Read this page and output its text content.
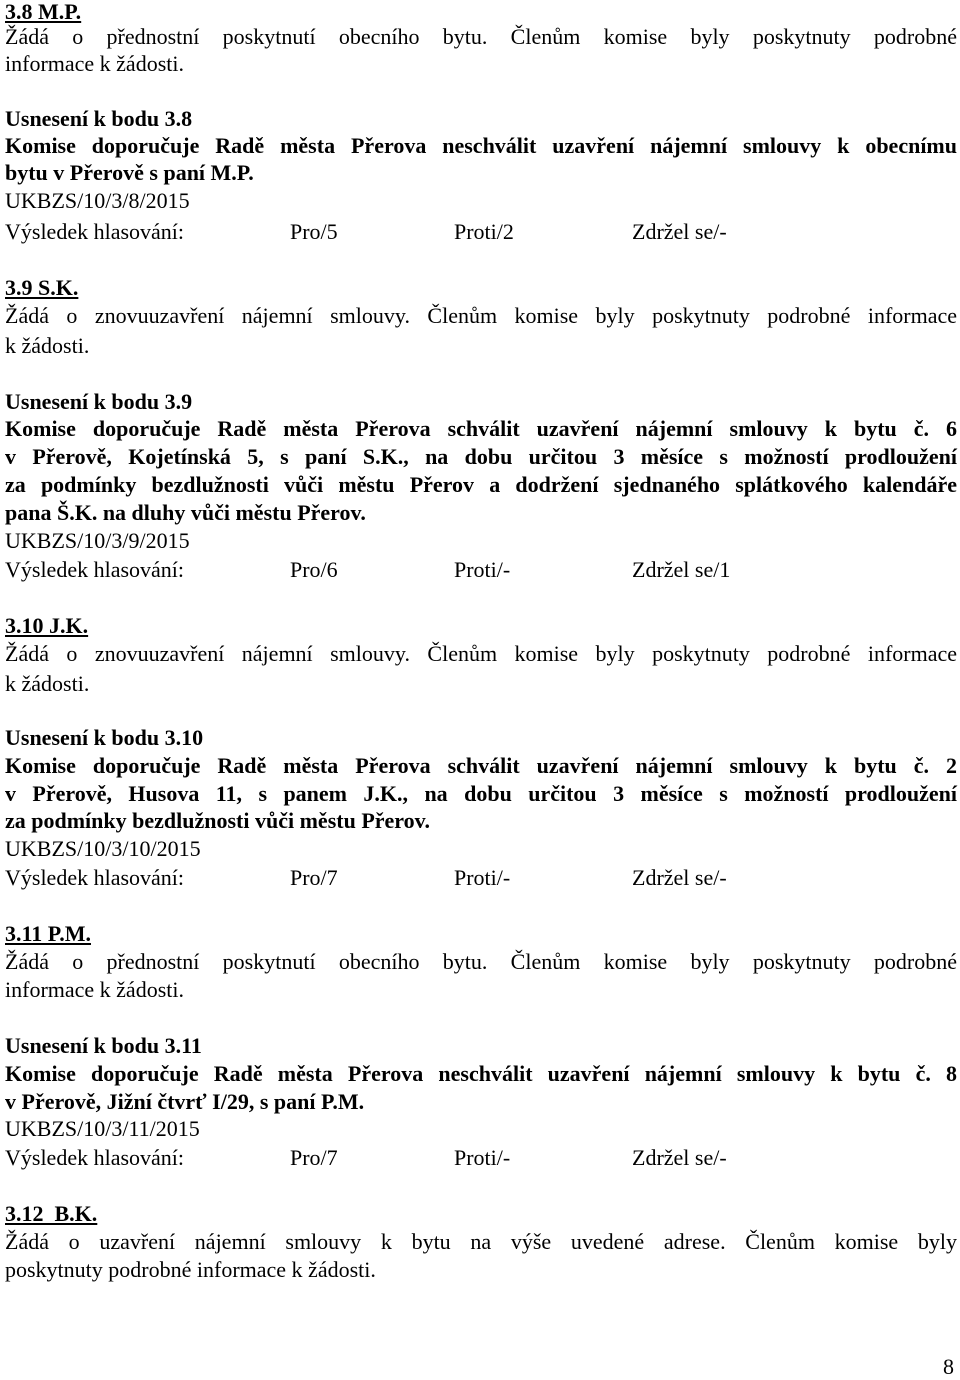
3.8 M.P.
Žádá o přednostní poskytnutí obecního bytu. Členům komise byly poskytnuty podrobné
informace k žádosti.
Usnesení k bodu 3.8
Komise doporučuje Radě města Přerova neschválit uzavření nájemní smlouvy k obecnímu
bytu v Přerově s paní M.P.
UKBZS/10/3/8/2015
Výsledek hlasování:	Pro/5	Proti/2	Zdržel se/-
3.9 S.K.
Žádá o znovuuzavření nájemní smlouvy. Členům komise byly poskytnuty podrobné informace
k žádosti.
Usnesení k bodu 3.9
Komise doporučuje Radě města Přerova schválit uzavření nájemní smlouvy k bytu č. 6
v Přerově, Kojetínská 5, s paní S.K., na dobu určitou 3 měsíce s možností prodloužení
za podmínky bezdlužnosti vůči městu Přerov a dodržení sjednaného splátkového kalendáře
pana Š.K. na dluhy vůči městu Přerov.
UKBZS/10/3/9/2015
Výsledek hlasování:	Pro/6	Proti/-	Zdržel se/1
3.10 J.K.
Žádá o znovuuzavření nájemní smlouvy. Členům komise byly poskytnuty podrobné informace
k žádosti.
Usnesení k bodu 3.10
Komise doporučuje Radě města Přerova schválit uzavření nájemní smlouvy k bytu č. 2
v Přerově, Husova 11, s panem J.K., na dobu určitou 3 měsíce s možností prodloužení
za podmínky bezdlužnosti vůči městu Přerov.
UKBZS/10/3/10/2015
Výsledek hlasování:	Pro/7	Proti/-	Zdržel se/-
3.11 P.M.
Žádá o přednostní poskytnutí obecního bytu. Členům komise byly poskytnuty podrobné
informace k žádosti.
Usnesení k bodu 3.11
Komise doporučuje Radě města Přerova neschválit uzavření nájemní smlouvy k bytu č. 8
v Přerově, Jižní čtvrť I/29, s paní P.M.
UKBZS/10/3/11/2015
Výsledek hlasování:	Pro/7	Proti/-	Zdržel se/-
3.12  B.K.
Žádá o uzavření nájemní smlouvy k bytu na výše uvedené adrese. Členům komise byly
poskytnuty podrobné informace k žádosti.
8
